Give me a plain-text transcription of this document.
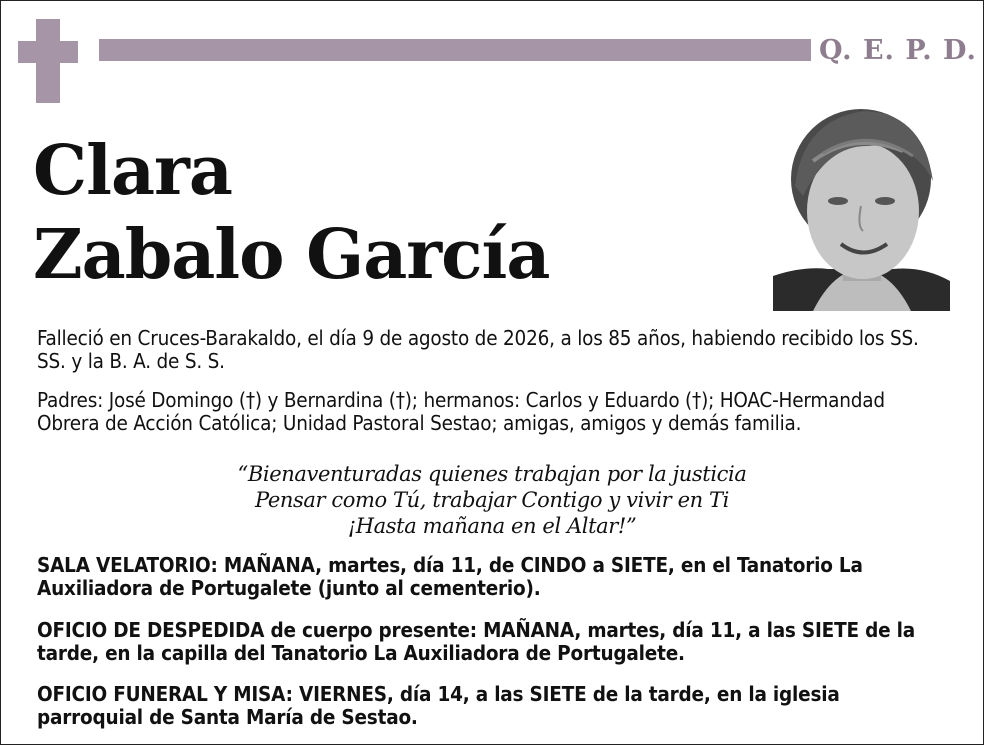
Q. E. P. D.
Clara
Zabalo García

Falleció en Cruces-Barakaldo, el día 9 de agosto de 2026, a los 85 años, habiendo recibido los SS. SS. y la B. A. de S. S.

Padres: José Domingo (†) y Bernardina (†); hermanos: Carlos y Eduardo (†); HOAC-Hermandad Obrera de Acción Católica; Unidad Pastoral Sestao; amigas, amigos y demás familia.

“Bienaventuradas quienes trabajan por la justicia
Pensar como Tú, trabajar Contigo y vivir en Ti
¡Hasta mañana en el Altar!”

SALA VELATORIO: MAÑANA, martes, día 11, de CINDO a SIETE, en el Tanatorio La Auxiliadora de Portugalete (junto al cementerio).

OFICIO DE DESPEDIDA de cuerpo presente: MAÑANA, martes, día 11, a las SIETE de la tarde, en la capilla del Tanatorio La Auxiliadora de Portugalete.

OFICIO FUNERAL Y MISA: VIERNES, día 14, a las SIETE de la tarde, en la iglesia parroquial de Santa María de Sestao.
